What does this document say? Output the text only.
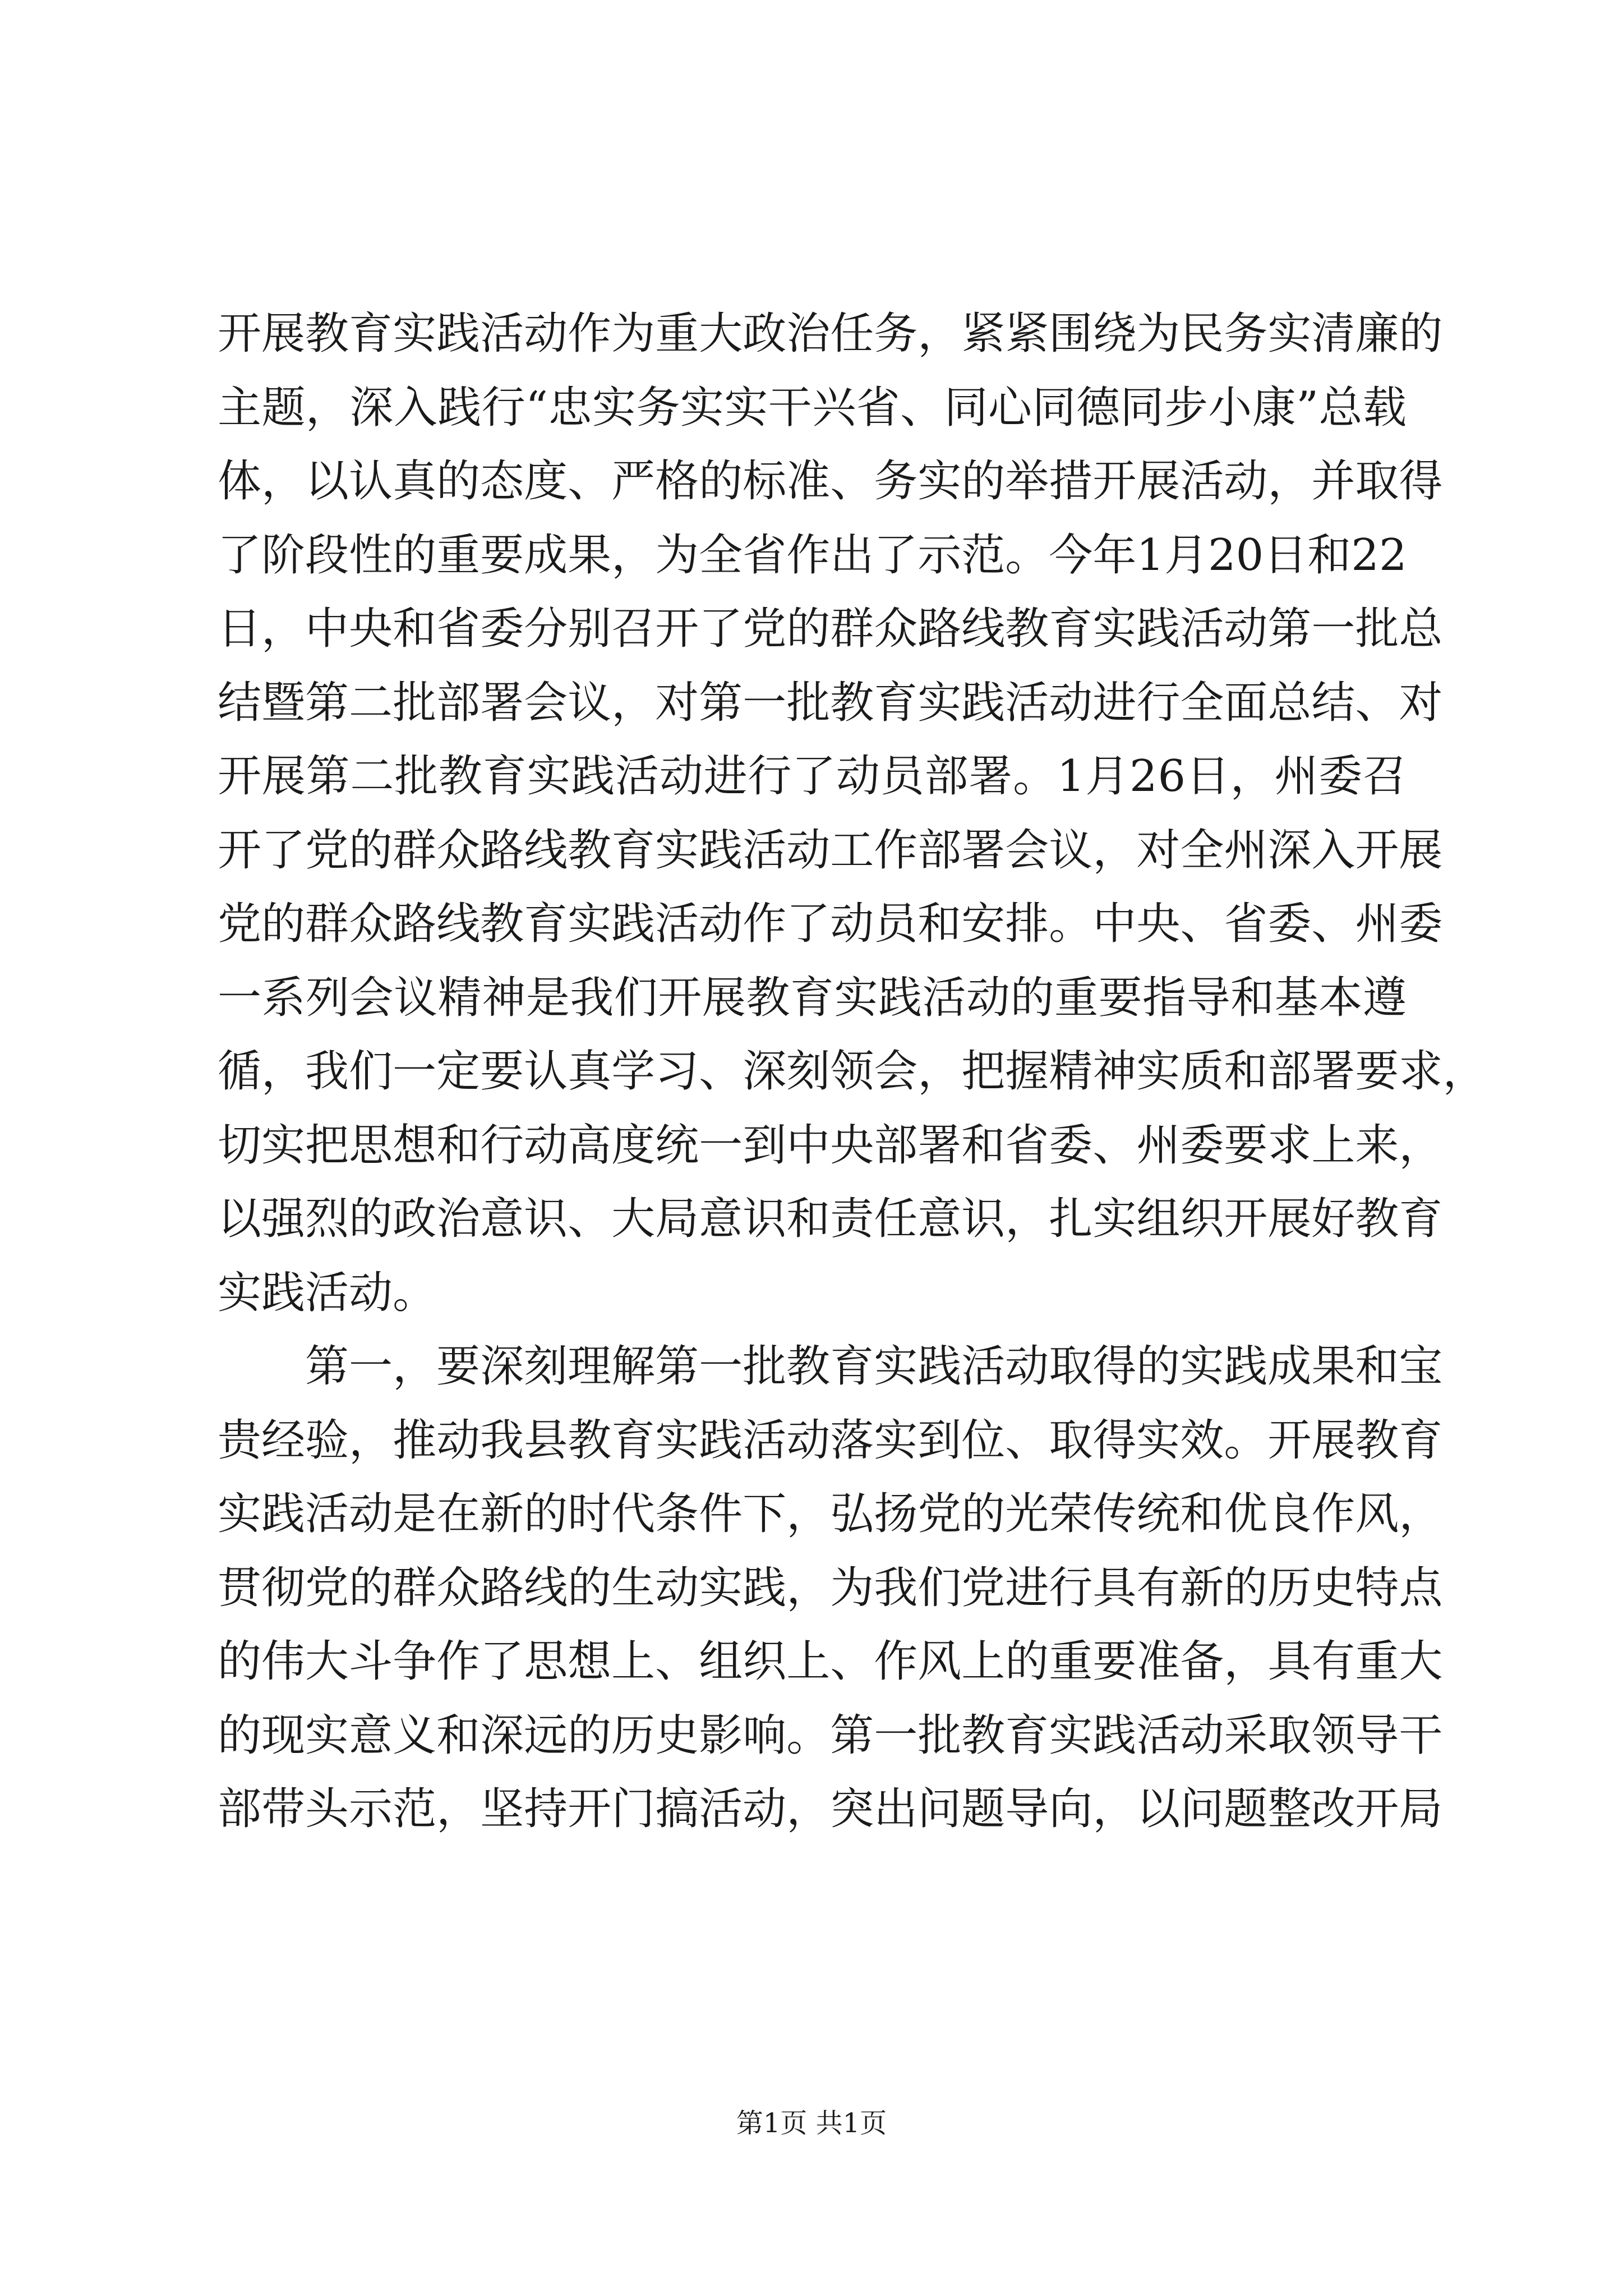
开 展 教 育 实 践 活 动 作 为 重 大 政 治 任 务 ， 紧 紧 围 绕 为 民 务 实 清 廉 的
主 题 ， 深 入 践 行 “ 忠 实 务 实 实 干 兴 省 、 同 心 同 德 同 步 小 康 ” 总 载
体 ， 以 认 真 的 态 度 、 严 格 的 标 准 、 务 实 的 举 措 开 展 活 动 ， 并 取 得
了 阶 段 性 的 重 要 成 果 ， 为 全 省 作 出 了 示 范 。 今 年 1 月 2 0 日 和 2 2
日 ， 中 央 和 省 委 分 别 召 开 了 党 的 群 众 路 线 教 育 实 践 活 动 第 一 批 总
结 暨 第 二 批 部 署 会 议 ， 对 第 一 批 教 育 实 践 活 动 进 行 全 面 总 结 、 对
开 展 第 二 批 教 育 实 践 活 动 进 行 了 动 员 部 署 。 1 月 2 6 日 ， 州 委 召
开 了 党 的 群 众 路 线 教 育 实 践 活 动 工 作 部 署 会 议 ， 对 全 州 深 入 开 展
党 的 群 众 路 线 教 育 实 践 活 动 作 了 动 员 和 安 排 。 中 央 、 省 委 、 州 委
一 系 列 会 议 精 神 是 我 们 开 展 教 育 实 践 活 动 的 重 要 指 导 和 基 本 遵
循 ， 我 们 一 定 要 认 真 学 习 、 深 刻 领 会 ， 把 握 精 神 实 质 和 部 署 要 求 ，
切 实 把 思 想 和 行 动 高 度 统 一 到 中 央 部 署 和 省 委 、 州 委 要 求 上 来 ，
以 强 烈 的 政 治 意 识 、 大 局 意 识 和 责 任 意 识 ， 扎 实 组 织 开 展 好 教 育
实 践 活 动 。
第 一 ， 要 深 刻 理 解 第 一 批 教 育 实 践 活 动 取 得 的 实 践 成 果 和 宝
贵 经 验 ， 推 动 我 县 教 育 实 践 活 动 落 实 到 位 、 取 得 实 效 。 开 展 教 育
实 践 活 动 是 在 新 的 时 代 条 件 下 ， 弘 扬 党 的 光 荣 传 统 和 优 良 作 风 ，
贯 彻 党 的 群 众 路 线 的 生 动 实 践 ， 为 我 们 党 进 行 具 有 新 的 历 史 特 点
的 伟 大 斗 争 作 了 思 想 上 、 组 织 上 、 作 风 上 的 重 要 准 备 ， 具 有 重 大
的 现 实 意 义 和 深 远 的 历 史 影 响 。 第 一 批 教 育 实 践 活 动 采 取 领 导 干
部 带 头 示 范 ， 坚 持 开 门 搞 活 动 ， 突 出 问 题 导 向 ， 以 问 题 整 改 开 局
第1页 共1页
